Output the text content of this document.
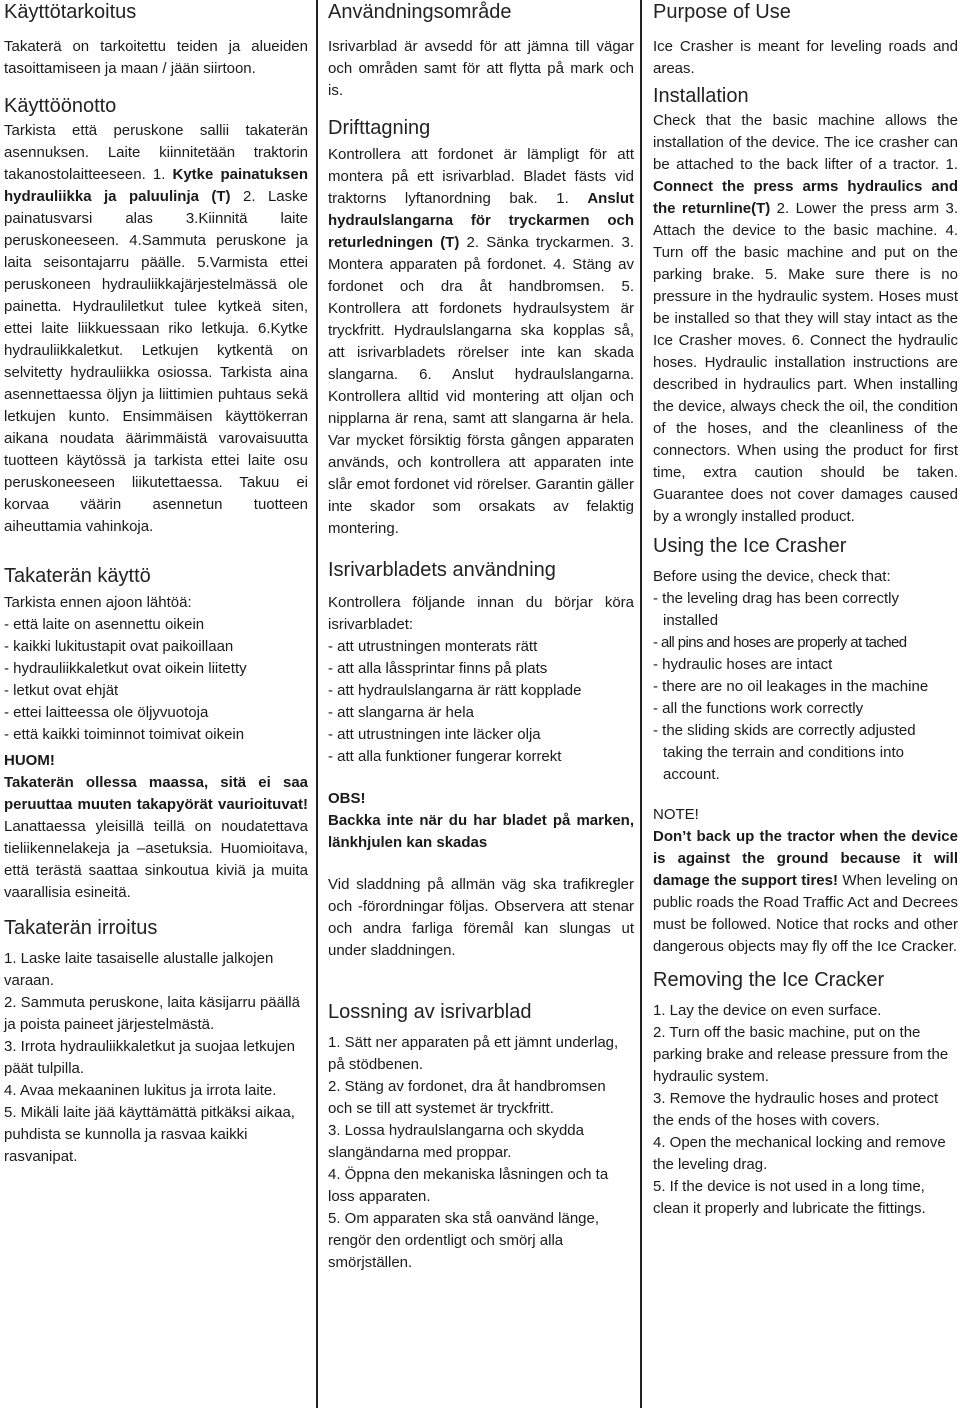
Käyttötarkoitus

Takaterä on tarkoitettu teiden ja alueiden tasoittamiseen ja maan / jään siirtoon.

Käyttöönotto

Tarkista että peruskone sallii takaterän asennuksen. Laite kiinnitetään traktorin takanostolaitteeseen. 1. Kytke painatuksen hydrauliikka ja paluulinja (T) 2. Laske painatusvarsi alas 3.Kiinnitä laite peruskoneeseen. 4.Sammuta peruskone ja laita seisontajarru päälle. 5.Varmista ettei peruskoneen hydrauliikkajärjestelmässä ole painetta. Hydrauliletkut tulee kytkeä siten, ettei laite liikkuessaan riko letkuja. 6.Kytke hydrauliikkaletkut. Letkujen kytkentä on selvitetty hydrauliikka osiossa. Tarkista aina asennettaessa öljyn ja liittimien puhtaus sekä letkujen kunto. Ensimmäisen käyttökerran aikana noudata äärimmäistä varovaisuutta tuotteen käytössä ja tarkista ettei laite osu peruskoneeseen liikutettaessa. Takuu ei korvaa väärin asennetun tuotteen aiheuttamia vahinkoja.

Takaterän käyttö

Tarkista ennen ajoon lähtöä:

- että laite on asennettu oikein
- kaikki lukitustapit ovat paikoillaan
- hydrauliikkaletkut ovat oikein liitetty
- letkut ovat ehjät
- ettei laitteessa ole öljyvuotoja
- että kaikki toiminnot toimivat oikein

HUOM!

Takaterän ollessa maassa, sitä ei saa peruuttaa muuten takapyörät vaurioituvat! Lanattaessa yleisillä teillä on noudatettava tieliikennelakeja ja –asetuksia. Huomioitava, että terästä saattaa sinkoutua kiviä ja muita vaarallisia esineitä.

Takaterän irroitus
1. Laske laite tasaiselle alustalle jalkojen varaan.
2. Sammuta peruskone, laita käsijarru päällä ja poista paineet järjestelmästä.
3. Irrota hydrauliikkaletkut ja suojaa letkujen päät tulpilla.
4. Avaa mekaaninen lukitus ja irrota laite.
5. Mikäli laite jää käyttämättä pitkäksi aikaa, puhdista se kunnolla ja rasvaa kaikki rasvanipat.
Användningsområde

Isrivarblad är avsedd för att jämna till vägar och områden samt för att flytta på mark och is.

Drifttagning

Kontrollera att fordonet är lämpligt för att montera på ett isrivarblad. Bladet fästs vid traktorns lyftanordning bak. 1. Anslut hydraulslangarna för tryckarmen och returledningen (T) 2. Sänka tryckarmen. 3. Montera apparaten på fordonet. 4. Stäng av fordonet och dra åt handbromsen. 5. Kontrollera att fordonets hydraulsystem är tryckfritt. Hydraulslangarna ska kopplas så, att isrivarbladets rörelser inte kan skada slangarna. 6. Anslut hydraulslangarna. Kontrollera alltid vid montering att oljan och nipplarna är rena, samt att slangarna är hela. Var mycket försiktig första gången apparaten används, och kontrollera att apparaten inte slår emot fordonet vid rörelser. Garantin gäller inte skador som orsakats av felaktig montering.

Isrivarbladets användning

Kontrollera följande innan du börjar köra isrivarbladet:

- att utrustningen monterats rätt
- att alla låssprintar finns på plats
- att hydraulslangarna är rätt kopplade
- att slangarna är hela
- att utrustningen inte läcker olja
- att alla funktioner fungerar korrekt

OBS!

Backka inte när du har bladet på marken, länkhjulen kan skadas

Vid sladdning på allmän väg ska trafikregler och -förordningar följas. Observera att stenar och andra farliga föremål kan slungas ut under sladdningen.

Lossning av isrivarblad
1. Sätt ner apparaten på ett jämnt underlag, på stödbenen.
2. Stäng av fordonet, dra åt handbromsen och se till att systemet är tryckfritt.
3. Lossa hydraulslangarna och skydda slangändarna med proppar.
4. Öppna den mekaniska låsningen och ta loss apparaten.
5. Om apparaten ska stå oanvänd länge, rengör den ordentligt och smörj alla smörjställen.
Purpose of Use

Ice Crasher is meant for leveling roads and areas.

Installation

Check that the basic machine allows the installation of the device. The ice crasher can be attached to the back lifter of a tractor. 1. Connect the press arms hydraulics and the returnline(T) 2. Lower the press arm 3. Attach the device to the basic machine. 4. Turn off the basic machine and put on the parking brake. 5. Make sure there is no pressure in the hydraulic system. Hoses must be installed so that they will stay intact as the Ice Crasher moves. 6. Connect the hydraulic hoses. Hydraulic installation instructions are described in hydraulics part. When installing the device, always check the oil, the condition of the hoses, and the cleanliness of the connectors. When using the product for first time, extra caution should be taken. Guarantee does not cover damages caused by a wrongly installed product.

Using the Ice Crasher

Before using the device, check that:

- the leveling drag has been correctly installed
- all pins and hoses are properly at tached
- hydraulic hoses are intact
- there are no oil leakages in the machine
- all the functions work correctly
- the sliding skids are correctly adjusted taking the terrain and conditions into account.

NOTE!

Don’t back up the tractor when the device is against the ground because it will damage the support tires! When leveling on public roads the Road Traffic Act and Decrees must be followed. Notice that rocks and other dangerous objects may fly off the Ice Cracker.

Removing the Ice Cracker
1. Lay the device on even surface.
2. Turn off the basic machine, put on the parking brake and release pressure from the hydraulic system.
3. Remove the hydraulic hoses and protect the ends of the hoses with covers.
4. Open the mechanical locking and remove the leveling drag.
5. If the device is not used in a long time, clean it properly and lubricate the fittings.
